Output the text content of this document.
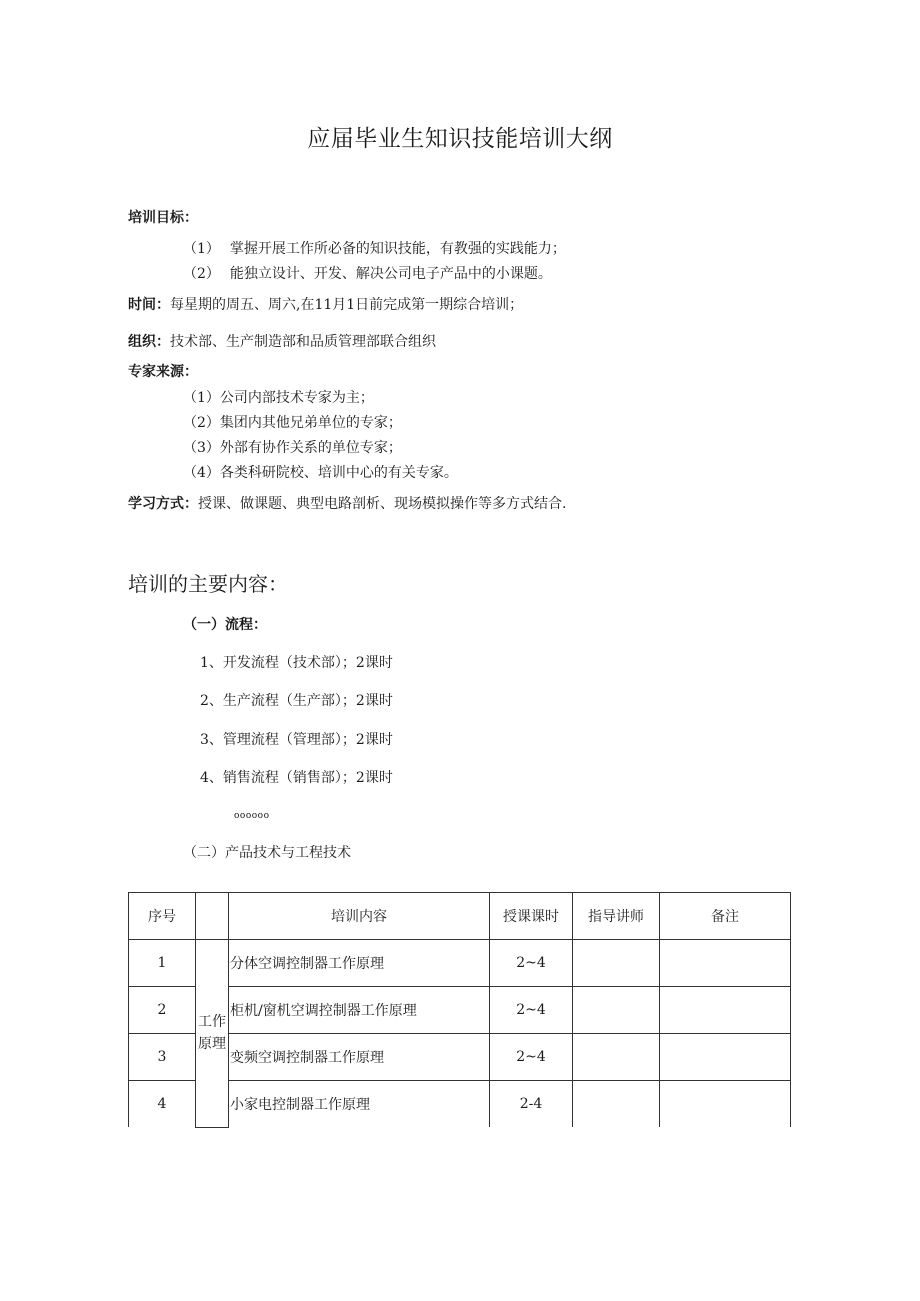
应届毕业生知识技能培训大纲
培训目标：
（1） 掌握开展工作所必备的知识技能，有教强的实践能力；
（2） 能独立设计、开发、解决公司电子产品中的小课题。
时间：每星期的周五、周六,在11月1日前完成第一期综合培训；
组织：技术部、生产制造部和品质管理部联合组织
专家来源：
（1）公司内部技术专家为主；
（2）集团内其他兄弟单位的专家；
（3）外部有协作关系的单位专家；
（4）各类科研院校、培训中心的有关专家。
学习方式：授课、做课题、典型电路剖析、现场模拟操作等多方式结合.
培训的主要内容：
（一）流程：
1、开发流程（技术部）；2课时
2、生产流程（生产部）；2课时
3、管理流程（管理部）；2课时
4、销售流程（销售部）；2课时
oooooo
（二）产品技术与工程技术
序号		培训内容	授课课时	指导讲师	备注
1	工作原理	分体空调控制器工作原理	2~4		
2		柜机/窗机空调控制器工作原理	2~4		
3		变频空调控制器工作原理	2~4		
4		小家电控制器工作原理	2-4		
